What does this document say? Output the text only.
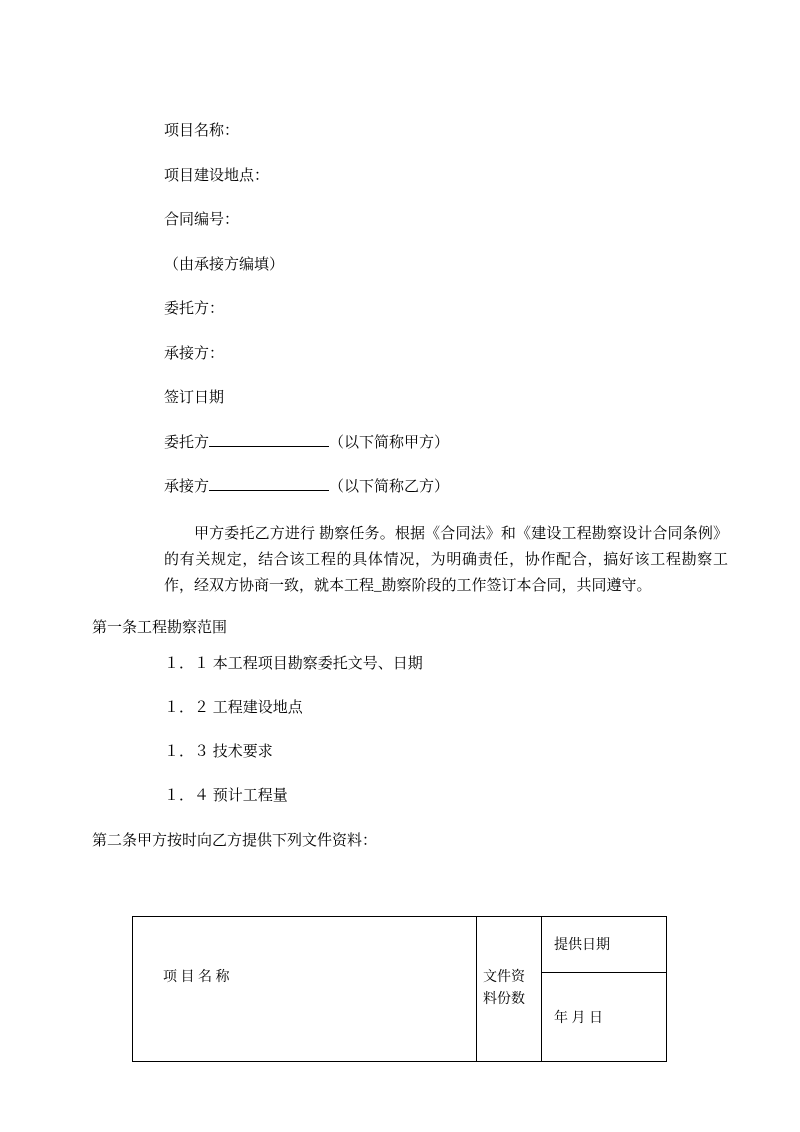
项目名称：
项目建设地点：
合同编号：
（由承接方编填）
委托方：
承接方：
签订日期
委托方	（以下简称甲方）
承接方	（以下简称乙方）

甲方委托乙方进行 勘察任务。根据《合同法》和《建设工程勘察设计合同条例》的有关规定，结合该工程的具体情况，为明确责任，协作配合，搞好该工程勘察工作，经双方协商一致，就本工程_勘察阶段的工作签订本合同，共同遵守。

第一条工程勘察范围
１．１ 本工程项目勘察委托文号、日期
１．２ 工程建设地点
１．３ 技术要求
１．４ 预计工程量
第二条甲方按时向乙方提供下列文件资料：
项 目 名 称	文件资料份数	提供日期
年 月 日
